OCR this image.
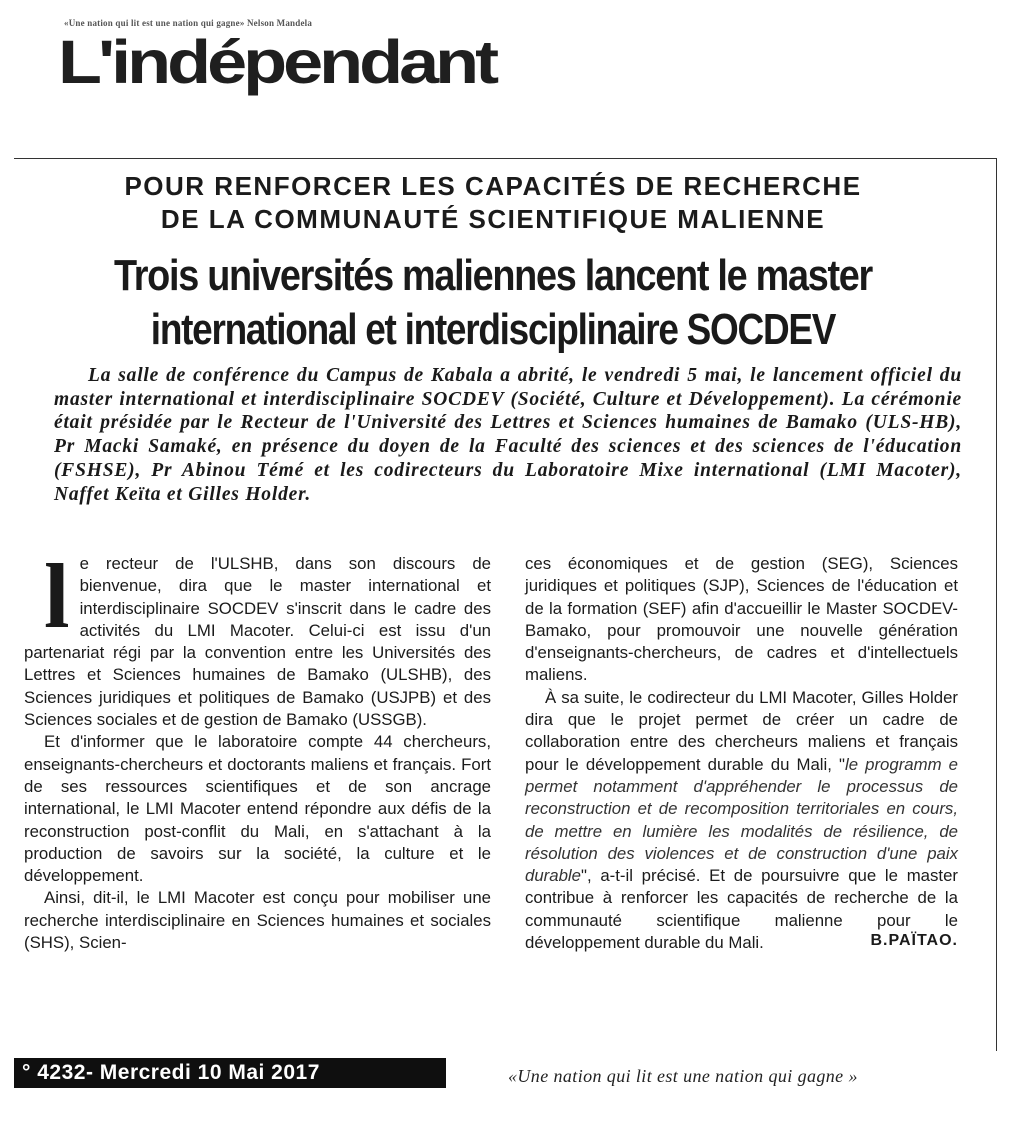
«Une nation qui lit est une nation qui gagne» Nelson Mandela
L'indépendant
POUR RENFORCER LES CAPACITÉS DE RECHERCHE
DE LA COMMUNAUTÉ SCIENTIFIQUE MALIENNE
Trois universités maliennes lancent le master
international et interdisciplinaire SOCDEV

La salle de conférence du Campus de Kabala a abrité, le vendredi 5 mai, le lancement officiel du master international et interdisciplinaire SOCDEV (Société, Culture et Développement). La cérémonie était présidée par le Recteur de l'Université des Lettres et Sciences humaines de Bamako (ULS-HB), Pr Macki Samaké, en présence du doyen de la Faculté des sciences et des sciences de l'éducation (FSHSE), Pr Abinou Témé et les codirecteurs du Laboratoire Mixe international (LMI Macoter), Naffet Keïta et Gilles Holder.

le recteur de l'ULSHB, dans son discours de bienvenue, dira que le master international et interdisciplinaire SOCDEV s'inscrit dans le cadre des activités du LMI Macoter. Celui-ci est issu d'un partenariat régi par la convention entre les Universités des Lettres et Sciences humaines de Bamako (ULSHB), des Sciences juridiques et politiques de Bamako (USJPB) et des Sciences sociales et de gestion de Bamako (USSGB).

Et d'informer que le laboratoire compte 44 chercheurs, enseignants-chercheurs et doctorants maliens et français. Fort de ses ressources scientifiques et de son ancrage international, le LMI Macoter entend répondre aux défis de la reconstruction post-conflit du Mali, en s'attachant à la production de savoirs sur la société, la culture et le développement.

Ainsi, dit-il, le LMI Macoter est conçu pour mobiliser une recherche interdisciplinaire en Sciences humaines et sociales (SHS), Scien-

ces économiques et de gestion (SEG), Sciences juridiques et politiques (SJP), Sciences de l'éducation et de la formation (SEF) afin d'accueillir le Master SOCDEV-Bamako, pour promouvoir une nouvelle génération d'enseignants-chercheurs, de cadres et d'intellectuels maliens.

À sa suite, le codirecteur du LMI Macoter, Gilles Holder dira que le projet permet de créer un cadre de collaboration entre des chercheurs maliens et français pour le développement durable du Mali, "le programm e permet notamment d'appréhender le processus de reconstruction et de recomposition territoriales en cours, de mettre en lumière les modalités de résilience, de résolution des violences et de construction d'une paix durable", a-t-il précisé. Et de poursuivre que le master contribue à renforcer les capacités de recherche de la communauté scientifique malienne pour le développement durable du Mali.	B.PAÏTAO.

° 4232- Mercredi 10 Mai 2017	«Une nation qui lit est une nation qui gagne »
